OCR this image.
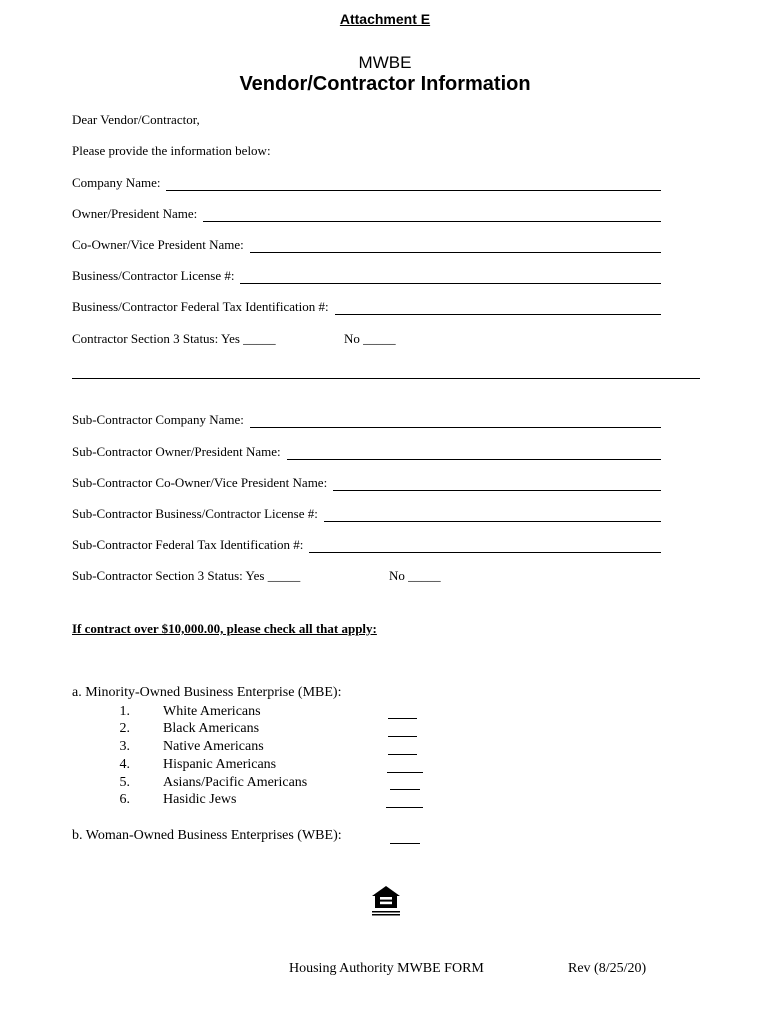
Attachment E
MWBE
Vendor/Contractor Information
Dear Vendor/Contractor,
Please provide the information below:
Company Name:
Owner/President Name:
Co-Owner/Vice President Name:
Business/Contractor License #:
Business/Contractor Federal Tax Identification #:
Contractor Section 3 Status: Yes _____	No _____
Sub-Contractor Company Name:
Sub-Contractor Owner/President Name:
Sub-Contractor Co-Owner/Vice President Name:
Sub-Contractor Business/Contractor License #:
Sub-Contractor Federal Tax Identification #:
Sub-Contractor Section 3 Status: Yes _____	No _____
If contract over $10,000.00, please check all that apply:
a. Minority-Owned Business Enterprise (MBE):
1. White Americans
2. Black Americans
3. Native Americans
4. Hispanic Americans
5. Asians/Pacific Americans
6. Hasidic Jews
b. Woman-Owned Business Enterprises (WBE):
Housing Authority MWBE FORM	Rev (8/25/20)
